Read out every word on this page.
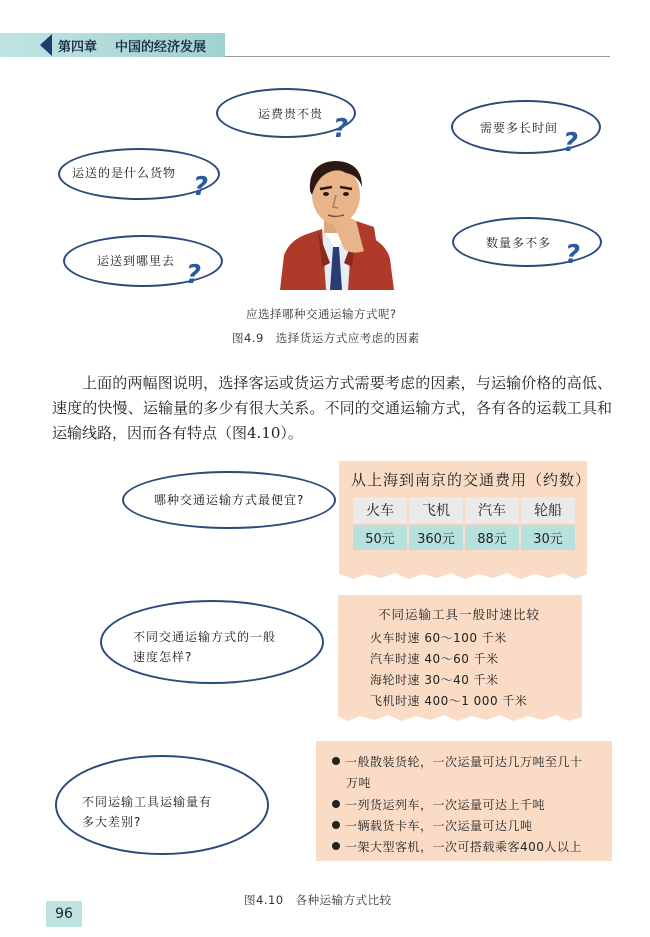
第四章 中国的经济发展
运费贵不贵 ?	需要多长时间 ?
运送的是什么货物 ?
运送到哪里去 ?
数量多不多 ?
应选择哪种交通运输方式呢?
图4.9　选择货运方式应考虑的因素

上面的两幅图说明，选择客运或货运方式需要考虑的因素，与运输价格的高低、速度的快慢、运输量的多少有很大关系。不同的交通运输方式，各有各的运载工具和运输线路，因而各有特点（图4.10）。

哪种交通运输方式最便宜?
不同交通运输方式的一般
速度怎样?
不同运输工具运输量有
多大差别?
从上海到南京的交通费用（约数）
火车	飞机	汽车	轮船
50元	360元	88元	30元
不同运输工具一般时速比较
火车时速 60～100 千米
汽车时速 40～60 千米
海轮时速 30～40 千米
飞机时速 400～1 000 千米
一般散装货轮，一次运量可达几万吨至几十
万吨
一列货运列车，一次运量可达上千吨
一辆载货卡车，一次运量可达几吨
一架大型客机，一次可搭载乘客400人以上
图4.10　各种运输方式比较
96
